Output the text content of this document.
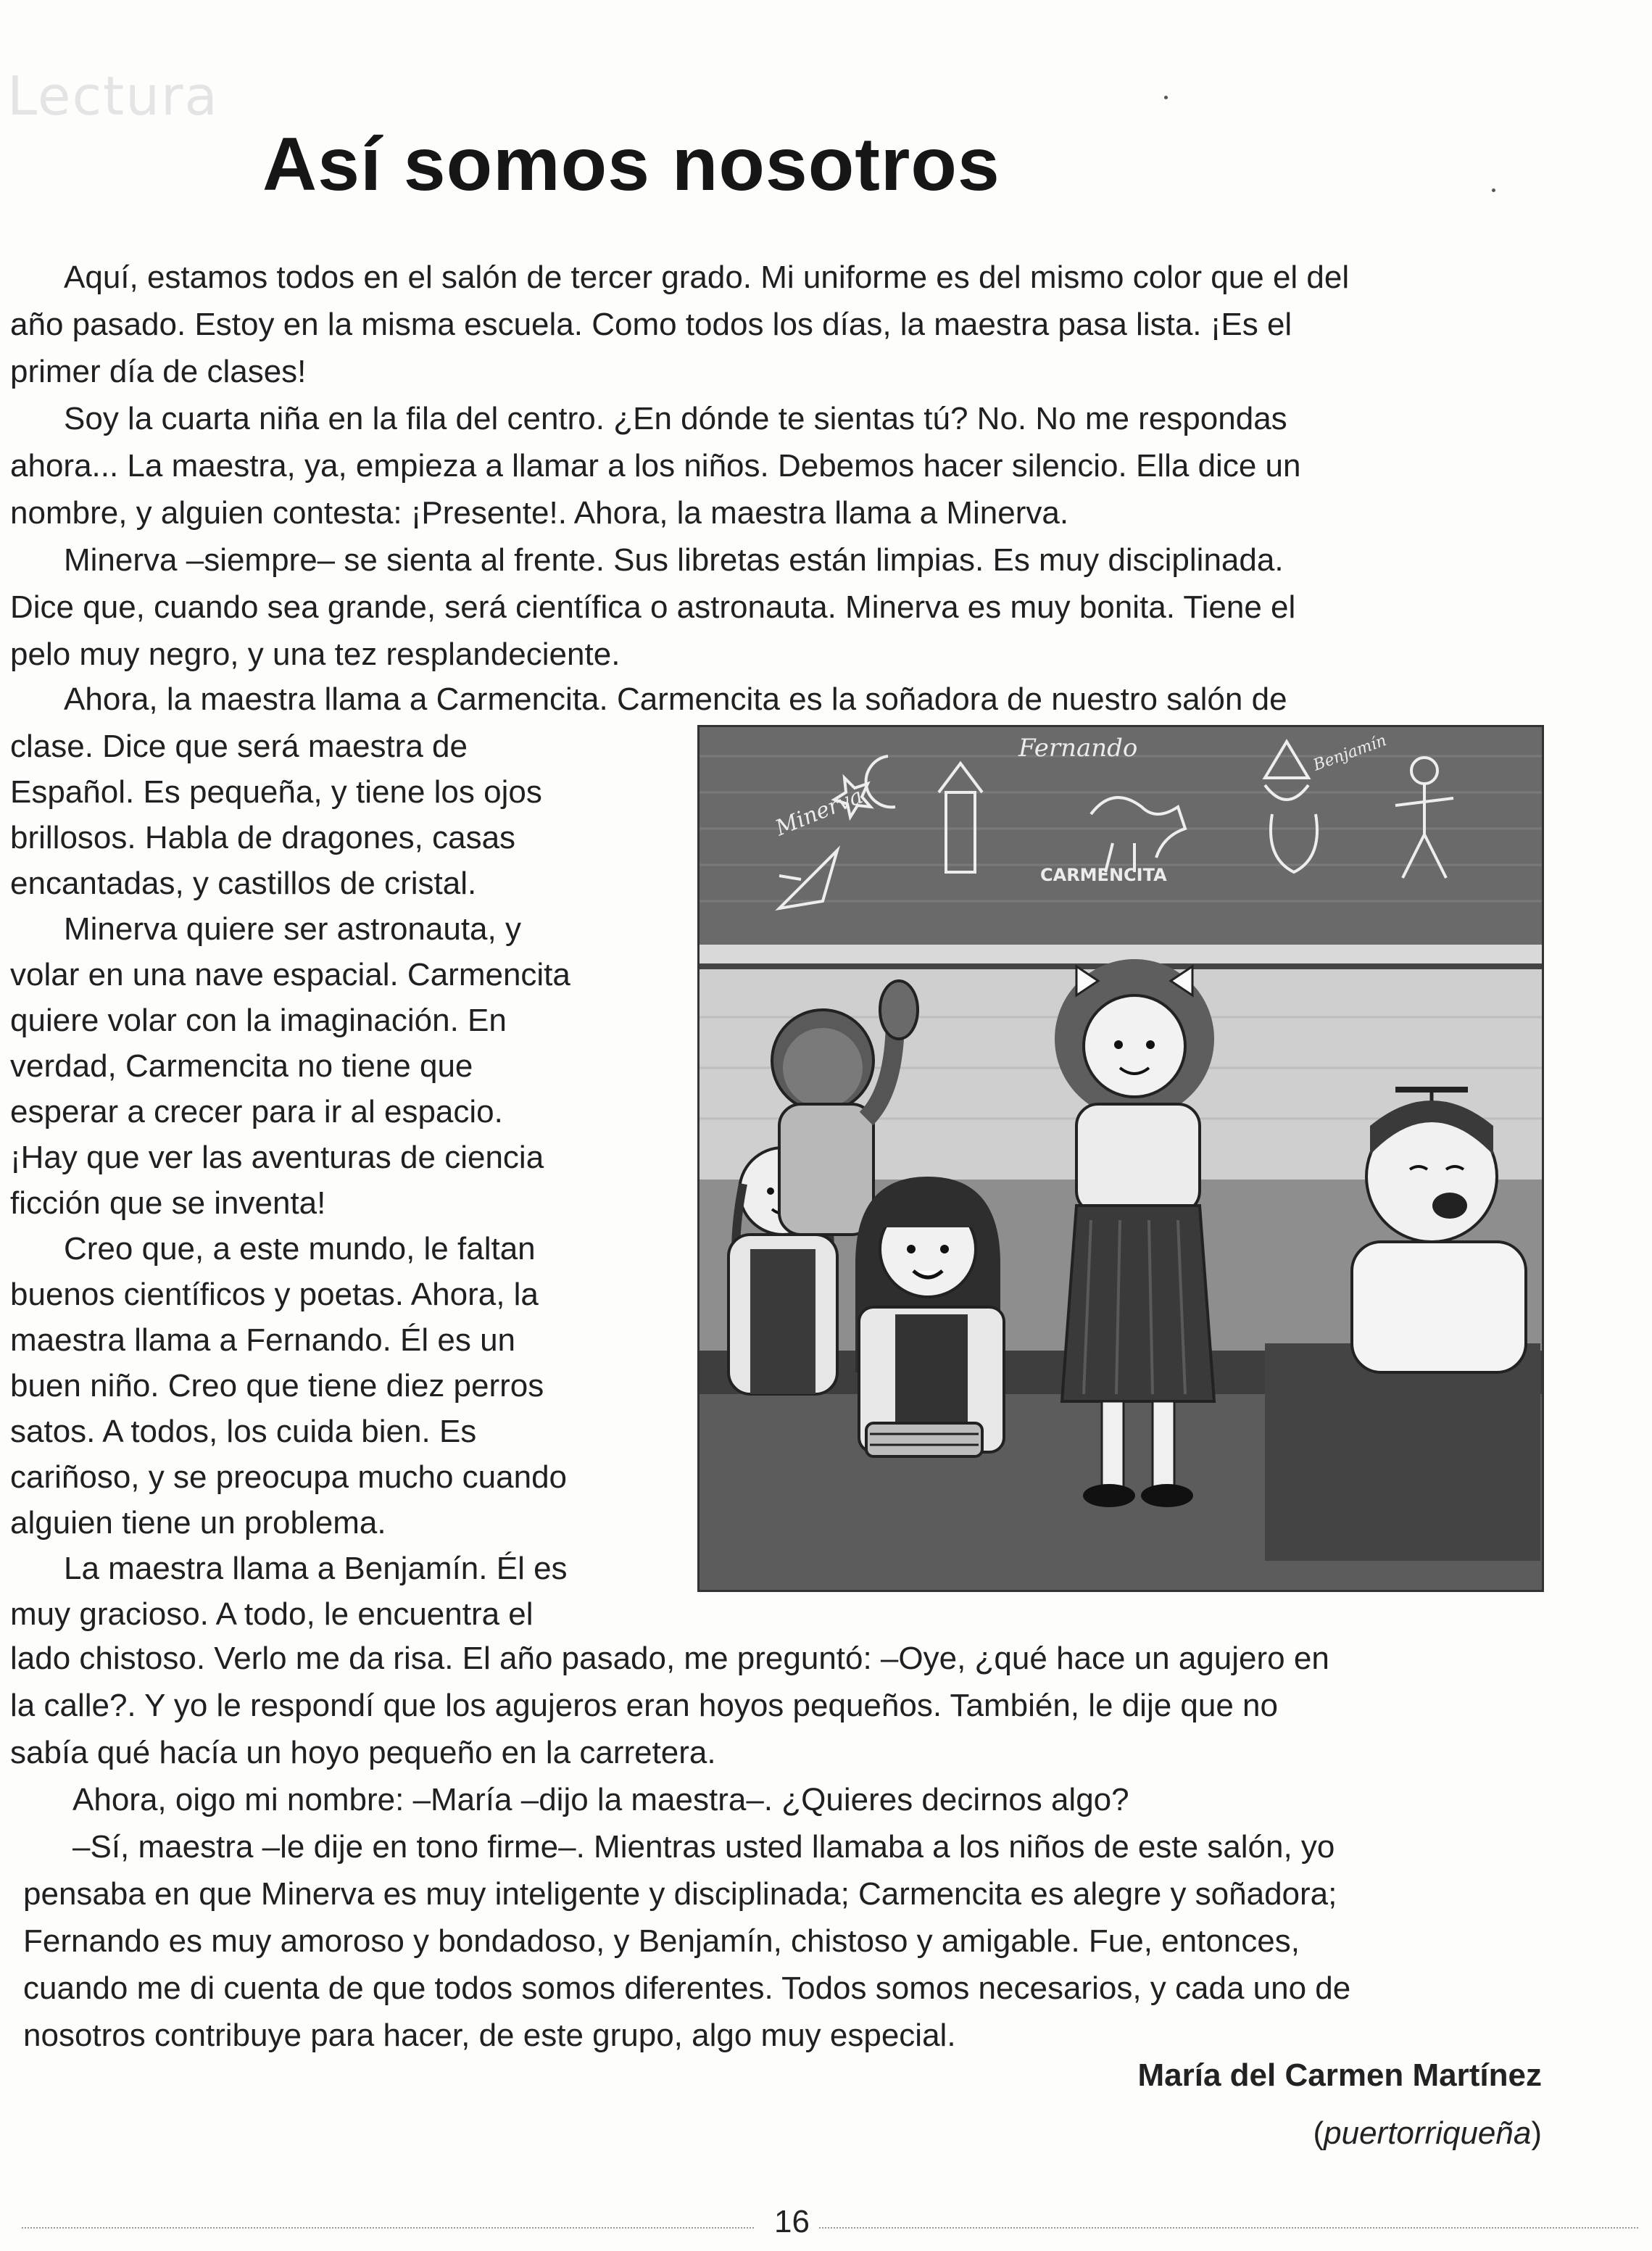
Lectura
Así somos nosotros

Aquí, estamos todos en el salón de tercer grado. Mi uniforme es del mismo color que el del

año pasado. Estoy en la misma escuela. Como todos los días, la maestra pasa lista. ¡Es el

primer día de clases!

Soy la cuarta niña en la fila del centro. ¿En dónde te sientas tú? No. No me respondas

ahora... La maestra, ya, empieza a llamar a los niños. Debemos hacer silencio. Ella dice un

nombre, y alguien contesta: ¡Presente!. Ahora, la maestra llama a Minerva.

Minerva –siempre– se sienta al frente. Sus libretas están limpias. Es muy disciplinada.

Dice que, cuando sea grande, será científica o astronauta. Minerva es muy bonita. Tiene el

pelo muy negro, y una tez resplandeciente.

Ahora, la maestra llama a Carmencita. Carmencita es la soñadora de nuestro salón de

clase. Dice que será maestra de

Español. Es pequeña, y tiene los ojos

brillosos. Habla de dragones, casas

encantadas, y castillos de cristal.

Minerva quiere ser astronauta, y

volar en una nave espacial. Carmencita

quiere volar con la imaginación. En

verdad, Carmencita no tiene que

esperar a crecer para ir al espacio.

¡Hay que ver las aventuras de ciencia

ficción que se inventa!

Creo que, a este mundo, le faltan

buenos científicos y poetas. Ahora, la

maestra llama a Fernando. Él es un

buen niño. Creo que tiene diez perros

satos. A todos, los cuida bien. Es

cariñoso, y se preocupa mucho cuando

alguien tiene un problema.

La maestra llama a Benjamín. Él es

muy gracioso. A todo, le encuentra el

lado chistoso. Verlo me da risa. El año pasado, me preguntó: –Oye, ¿qué hace un agujero en

la calle?. Y yo le respondí que los agujeros eran hoyos pequeños. También, le dije que no

sabía qué hacía un hoyo pequeño en la carretera.

Ahora, oigo mi nombre: –María –dijo la maestra–. ¿Quieres decirnos algo?

–Sí, maestra –le dije en tono firme–. Mientras usted llamaba a los niños de este salón, yo

pensaba en que Minerva es muy inteligente y disciplinada; Carmencita es alegre y soñadora;

Fernando es muy amoroso y bondadoso, y Benjamín, chistoso y amigable. Fue, entonces,

cuando me di cuenta de que todos somos diferentes. Todos somos necesarios, y cada uno de

nosotros contribuye para hacer, de este grupo, algo muy especial.

Minerva
Fernando
CARMENCITA
Benjamín

María del Carmen Martínez

(puertorriqueña)

16
